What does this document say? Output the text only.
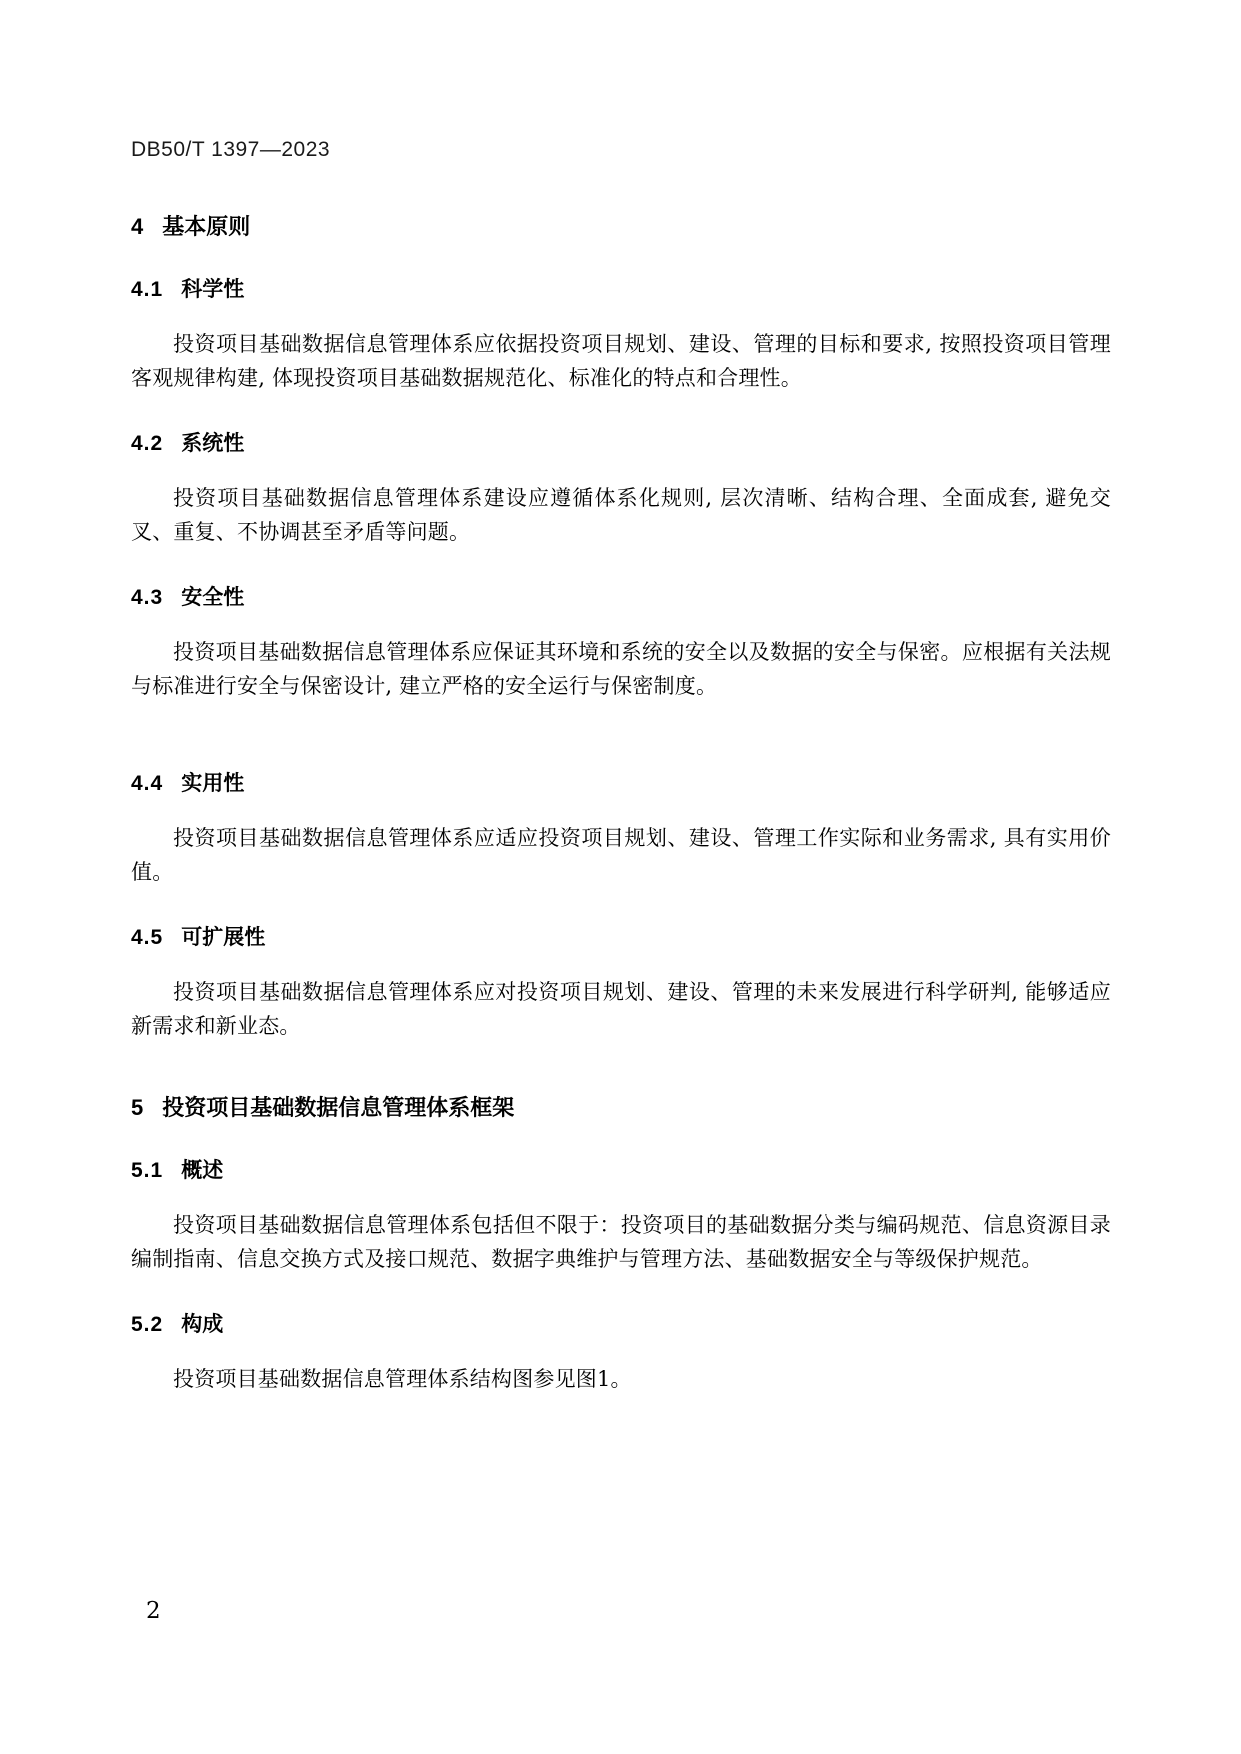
DB50/T 1397—2023
4 基本原则
4.1 科学性

投资项目基础数据信息管理体系应依据投资项目规划、建设、管理的目标和要求, 按照投资项目管理客观规律构建, 体现投资项目基础数据规范化、标准化的特点和合理性。

4.2 系统性

投资项目基础数据信息管理体系建设应遵循体系化规则, 层次清晰、结构合理、全面成套, 避免交叉、重复、不协调甚至矛盾等问题。

4.3 安全性

投资项目基础数据信息管理体系应保证其环境和系统的安全以及数据的安全与保密。应根据有关法规与标准进行安全与保密设计, 建立严格的安全运行与保密制度。

4.4 实用性

投资项目基础数据信息管理体系应适应投资项目规划、建设、管理工作实际和业务需求, 具有实用价值。

4.5 可扩展性

投资项目基础数据信息管理体系应对投资项目规划、建设、管理的未来发展进行科学研判, 能够适应新需求和新业态。

5 投资项目基础数据信息管理体系框架
5.1 概述

投资项目基础数据信息管理体系包括但不限于：投资项目的基础数据分类与编码规范、信息资源目录编制指南、信息交换方式及接口规范、数据字典维护与管理方法、基础数据安全与等级保护规范。

5.2 构成

投资项目基础数据信息管理体系结构图参见图1。

2
